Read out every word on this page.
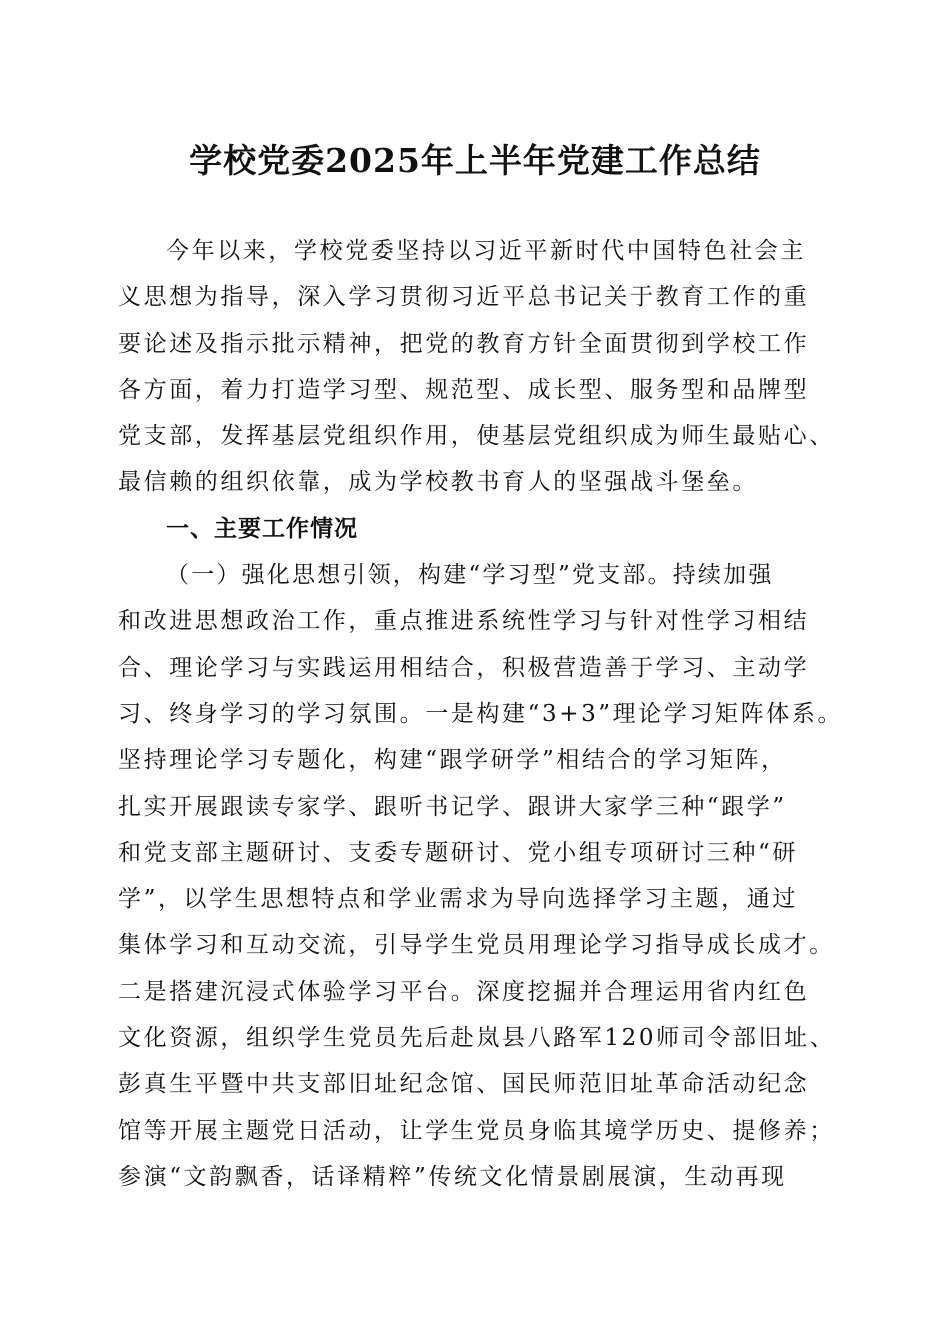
学校党委2025年上半年党建工作总结
今年以来，学校党委坚持以习近平新时代中国特色社会主
义思想为指导，深入学习贯彻习近平总书记关于教育工作的重
要论述及指示批示精神，把党的教育方针全面贯彻到学校工作
各方面，着力打造学习型、规范型、成长型、服务型和品牌型
党支部，发挥基层党组织作用，使基层党组织成为师生最贴心、
最信赖的组织依靠，成为学校教书育人的坚强战斗堡垒。
一、主要工作情况
（一）强化思想引领，构建“学习型”党支部。持续加强
和改进思想政治工作，重点推进系统性学习与针对性学习相结
合、理论学习与实践运用相结合，积极营造善于学习、主动学
习、终身学习的学习氛围。一是构建“3+3”理论学习矩阵体系。
坚持理论学习专题化，构建“跟学研学”相结合的学习矩阵，
扎实开展跟读专家学、跟听书记学、跟讲大家学三种“跟学”
和党支部主题研讨、支委专题研讨、党小组专项研讨三种“研
学”，以学生思想特点和学业需求为导向选择学习主题，通过
集体学习和互动交流，引导学生党员用理论学习指导成长成才。
二是搭建沉浸式体验学习平台。深度挖掘并合理运用省内红色
文化资源，组织学生党员先后赴岚县八路军120师司令部旧址、
彭真生平暨中共支部旧址纪念馆、国民师范旧址革命活动纪念
馆等开展主题党日活动，让学生党员身临其境学历史、提修养；
参演“文韵飘香，话译精粹”传统文化情景剧展演，生动再现
